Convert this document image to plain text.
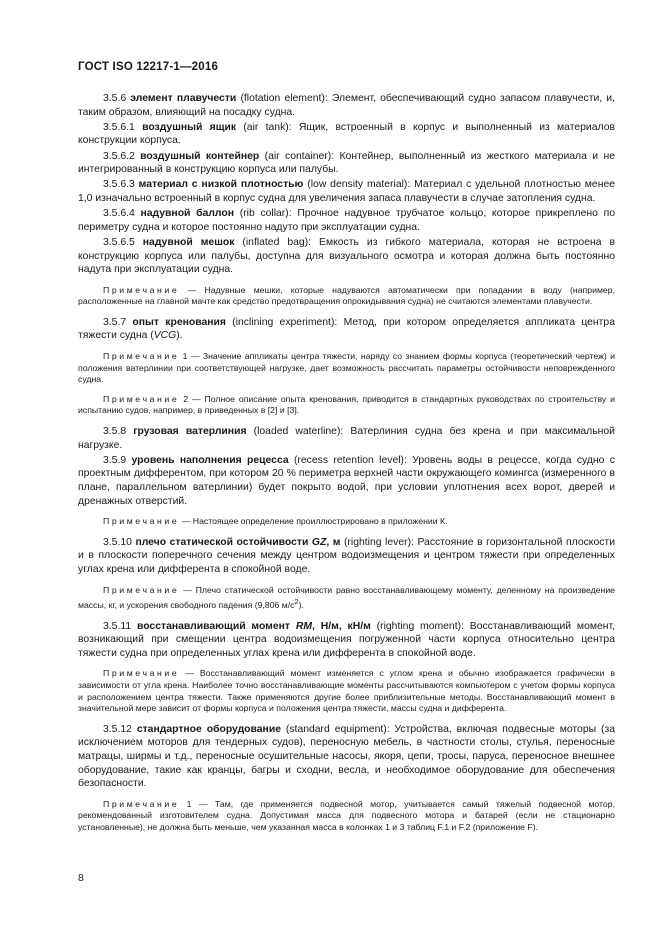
ГОСТ ISO 12217-1—2016

3.5.6 элемент плавучести (flotation element): Элемент, обеспечивающий судно запасом плавучести, и, таким образом, влияющий на посадку судна.

3.5.6.1 воздушный ящик (air tank): Ящик, встроенный в корпус и выполненный из материалов конструкции корпуса.

3.5.6.2 воздушный контейнер (air container): Контейнер, выполненный из жесткого материала и не интегрированный в конструкцию корпуса или палубы.

3.5.6.3 материал с низкой плотностью (low density material): Материал с удельной плотностью менее 1,0 изначально встроенный в корпус судна для увеличения запаса плавучести в случае затопления судна.

3.5.6.4 надувной баллон (rib collar): Прочное надувное трубчатое кольцо, которое прикреплено по периметру судна и которое постоянно надуто при эксплуатации судна.

3.5.6.5 надувной мешок (inflated bag): Емкость из гибкого материала, которая не встроена в конструкцию корпуса или палубы, доступна для визуального осмотра и которая должна быть постоянно надута при эксплуатации судна.

Примечание — Надувные мешки, которые надуваются автоматически при попадании в воду (например, расположенные на главной мачте как средство предотвращения опрокидывания судна) не считаются элементами плавучести.

3.5.7 опыт кренования (inclining experiment): Метод, при котором определяется аппликата центра тяжести судна (VCG).

Примечание 1 — Значение аппликаты центра тяжести, наряду со знанием формы корпуса (теоретический чертеж) и положения ватерлинии при соответствующей нагрузке, дает возможность рассчитать параметры остойчивости неповрежденного судна.

Примечание 2 — Полное описание опыта кренования, приводится в стандартных руководствах по строительству и испытанию судов, например, в приведенных в [2] и [3].

3.5.8 грузовая ватерлиния (loaded waterline): Ватерлиния судна без крена и при максимальной нагрузке.

3.5.9 уровень наполнения рецесса (recess retention level): Уровень воды в рецессе, когда судно с проектным дифферентом, при котором 20 % периметра верхней части окружающего комингса (измеренного в плане, параллельном ватерлинии) будет покрыто водой, при условии уплотнения всех ворот, дверей и дренажных отверстий.

Примечание — Настоящее определение проиллюстрировано в приложении К.

3.5.10 плечо статической остойчивости GZ, м (righting lever): Расстояние в горизонтальной плоскости и в плоскости поперечного сечения между центром водоизмещения и центром тяжести при определенных углах крена или дифферента в спокойной воде.

Примечание — Плечо статической остойчивости равно восстанавливающему моменту, деленному на произведение массы, кг, и ускорения свободного падения (9,806 $м/с^2$).

3.5.11 восстанавливающий момент RM, Н/м, кН/м (righting moment): Восстанавливающий момент, возникающий при смещении центра водоизмещения погруженной части корпуса относительно центра тяжести судна при определенных углах крена или дифферента в спокойной воде.

Примечание — Восстанавливающий момент изменяется с углом крена и обычно изображается графически в зависимости от угла крена. Наиболее точно восстанавливающие моменты рассчитываются компьютером с учетом формы корпуса и расположением центра тяжести. Также применяются другие более приблизительные методы. Восстанавливающий момент в значительной мере зависит от формы корпуса и положения центра тяжести, массы судна и дифферента.

3.5.12 стандартное оборудование (standard equipment): Устройства, включая подвесные моторы (за исключением моторов для тендерных судов), переносную мебель, в частности столы, стулья, переносные матрацы, ширмы и т.д., переносные осушительные насосы, якоря, цепи, тросы, паруса, переносное внешнее оборудование, такие как кранцы, багры и сходни, весла, и необходимое оборудование для обеспечения безопасности.

Примечание 1 — Там, где применяется подвесной мотор, учитывается самый тяжелый подвесной мотор, рекомендованный изготовителем судна. Допустимая масса для подвесного мотора и батарей (если не стационарно установленные), не должна быть меньше, чем указанная масса в колонках 1 и 3 таблиц F.1 и F.2 (приложение F).

8
